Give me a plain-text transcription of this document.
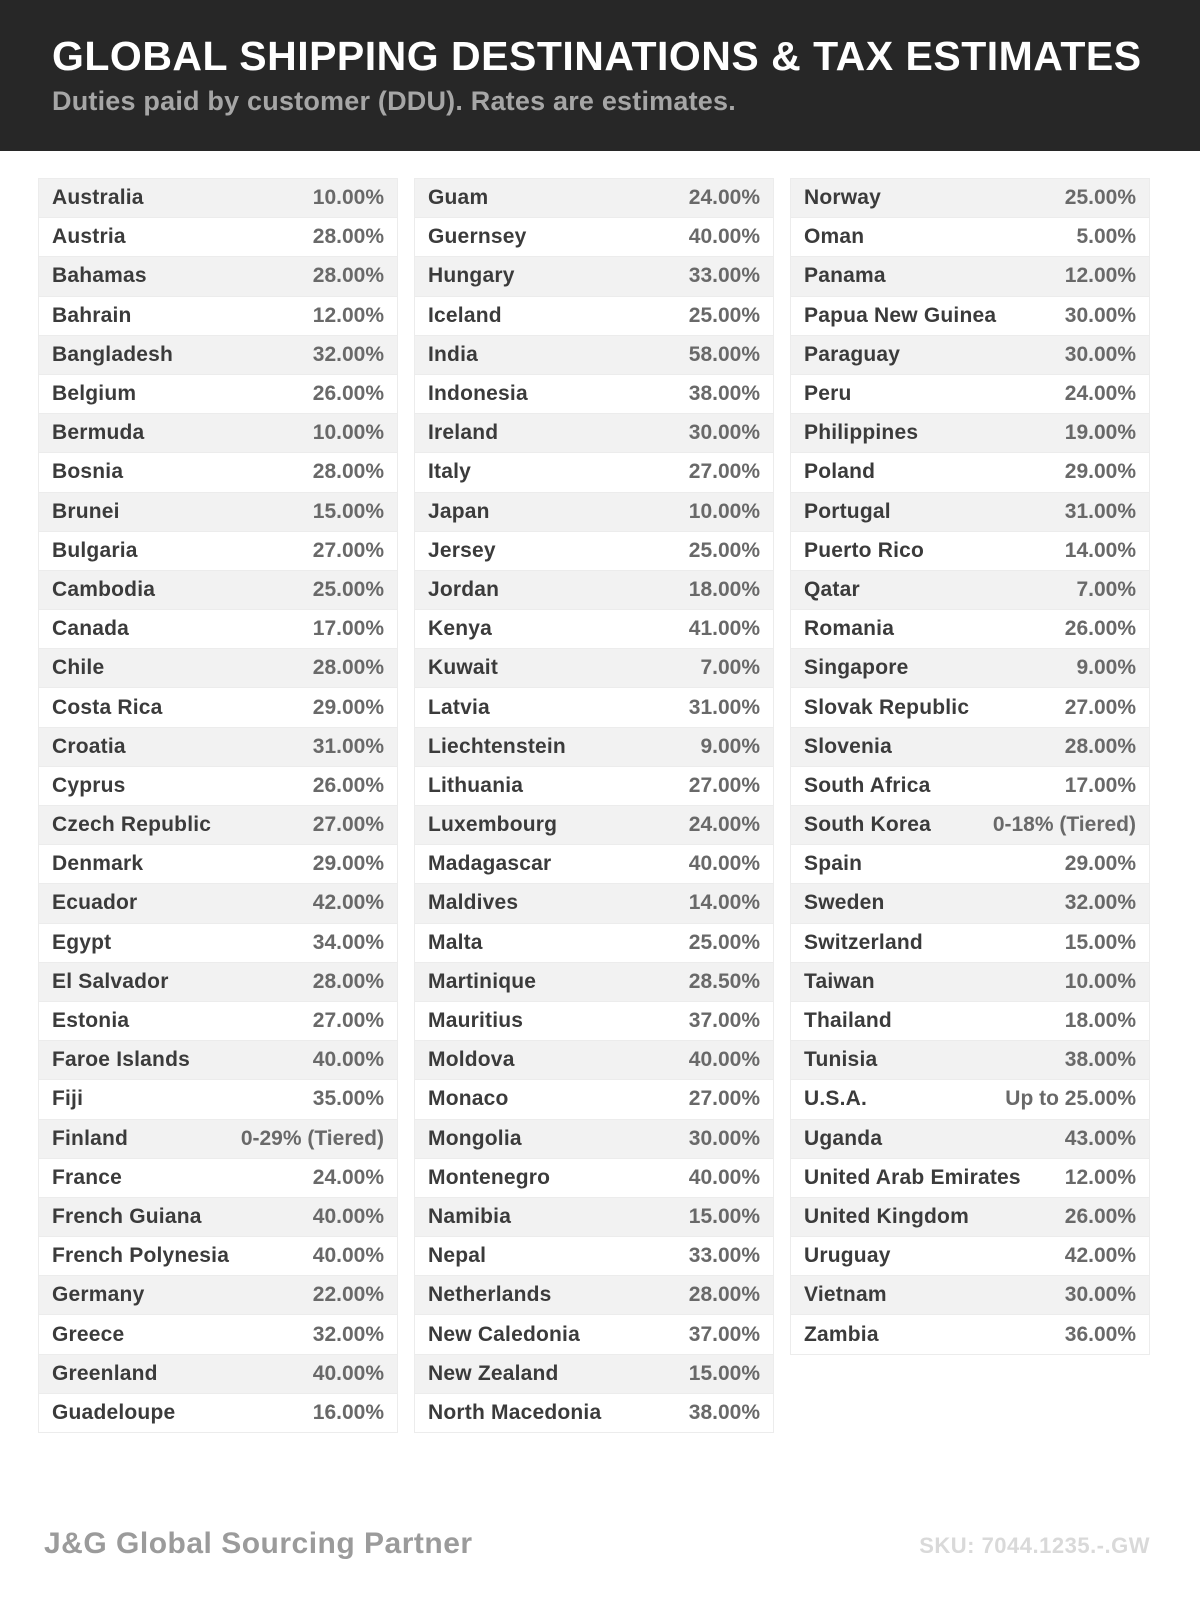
GLOBAL SHIPPING DESTINATIONS & TAX ESTIMATES

Duties paid by customer (DDU). Rates are estimates.

Australia	10.00%
Austria	28.00%
Bahamas	28.00%
Bahrain	12.00%
Bangladesh	32.00%
Belgium	26.00%
Bermuda	10.00%
Bosnia	28.00%
Brunei	15.00%
Bulgaria	27.00%
Cambodia	25.00%
Canada	17.00%
Chile	28.00%
Costa Rica	29.00%
Croatia	31.00%
Cyprus	26.00%
Czech Republic	27.00%
Denmark	29.00%
Ecuador	42.00%
Egypt	34.00%
El Salvador	28.00%
Estonia	27.00%
Faroe Islands	40.00%
Fiji	35.00%
Finland	0-29% (Tiered)
France	24.00%
French Guiana	40.00%
French Polynesia	40.00%
Germany	22.00%
Greece	32.00%
Greenland	40.00%
Guadeloupe	16.00%
Guam	24.00%
Guernsey	40.00%
Hungary	33.00%
Iceland	25.00%
India	58.00%
Indonesia	38.00%
Ireland	30.00%
Italy	27.00%
Japan	10.00%
Jersey	25.00%
Jordan	18.00%
Kenya	41.00%
Kuwait	7.00%
Latvia	31.00%
Liechtenstein	9.00%
Lithuania	27.00%
Luxembourg	24.00%
Madagascar	40.00%
Maldives	14.00%
Malta	25.00%
Martinique	28.50%
Mauritius	37.00%
Moldova	40.00%
Monaco	27.00%
Mongolia	30.00%
Montenegro	40.00%
Namibia	15.00%
Nepal	33.00%
Netherlands	28.00%
New Caledonia	37.00%
New Zealand	15.00%
North Macedonia	38.00%
Norway	25.00%
Oman	5.00%
Panama	12.00%
Papua New Guinea	30.00%
Paraguay	30.00%
Peru	24.00%
Philippines	19.00%
Poland	29.00%
Portugal	31.00%
Puerto Rico	14.00%
Qatar	7.00%
Romania	26.00%
Singapore	9.00%
Slovak Republic	27.00%
Slovenia	28.00%
South Africa	17.00%
South Korea	0-18% (Tiered)
Spain	29.00%
Sweden	32.00%
Switzerland	15.00%
Taiwan	10.00%
Thailand	18.00%
Tunisia	38.00%
U.S.A.	Up to 25.00%
Uganda	43.00%
United Arab Emirates 12.00%
United Kingdom	26.00%
Uruguay	42.00%
Vietnam	30.00%
Zambia	36.00%
J&G Global Sourcing Partner	SKU: 7044.1235.-.GW
